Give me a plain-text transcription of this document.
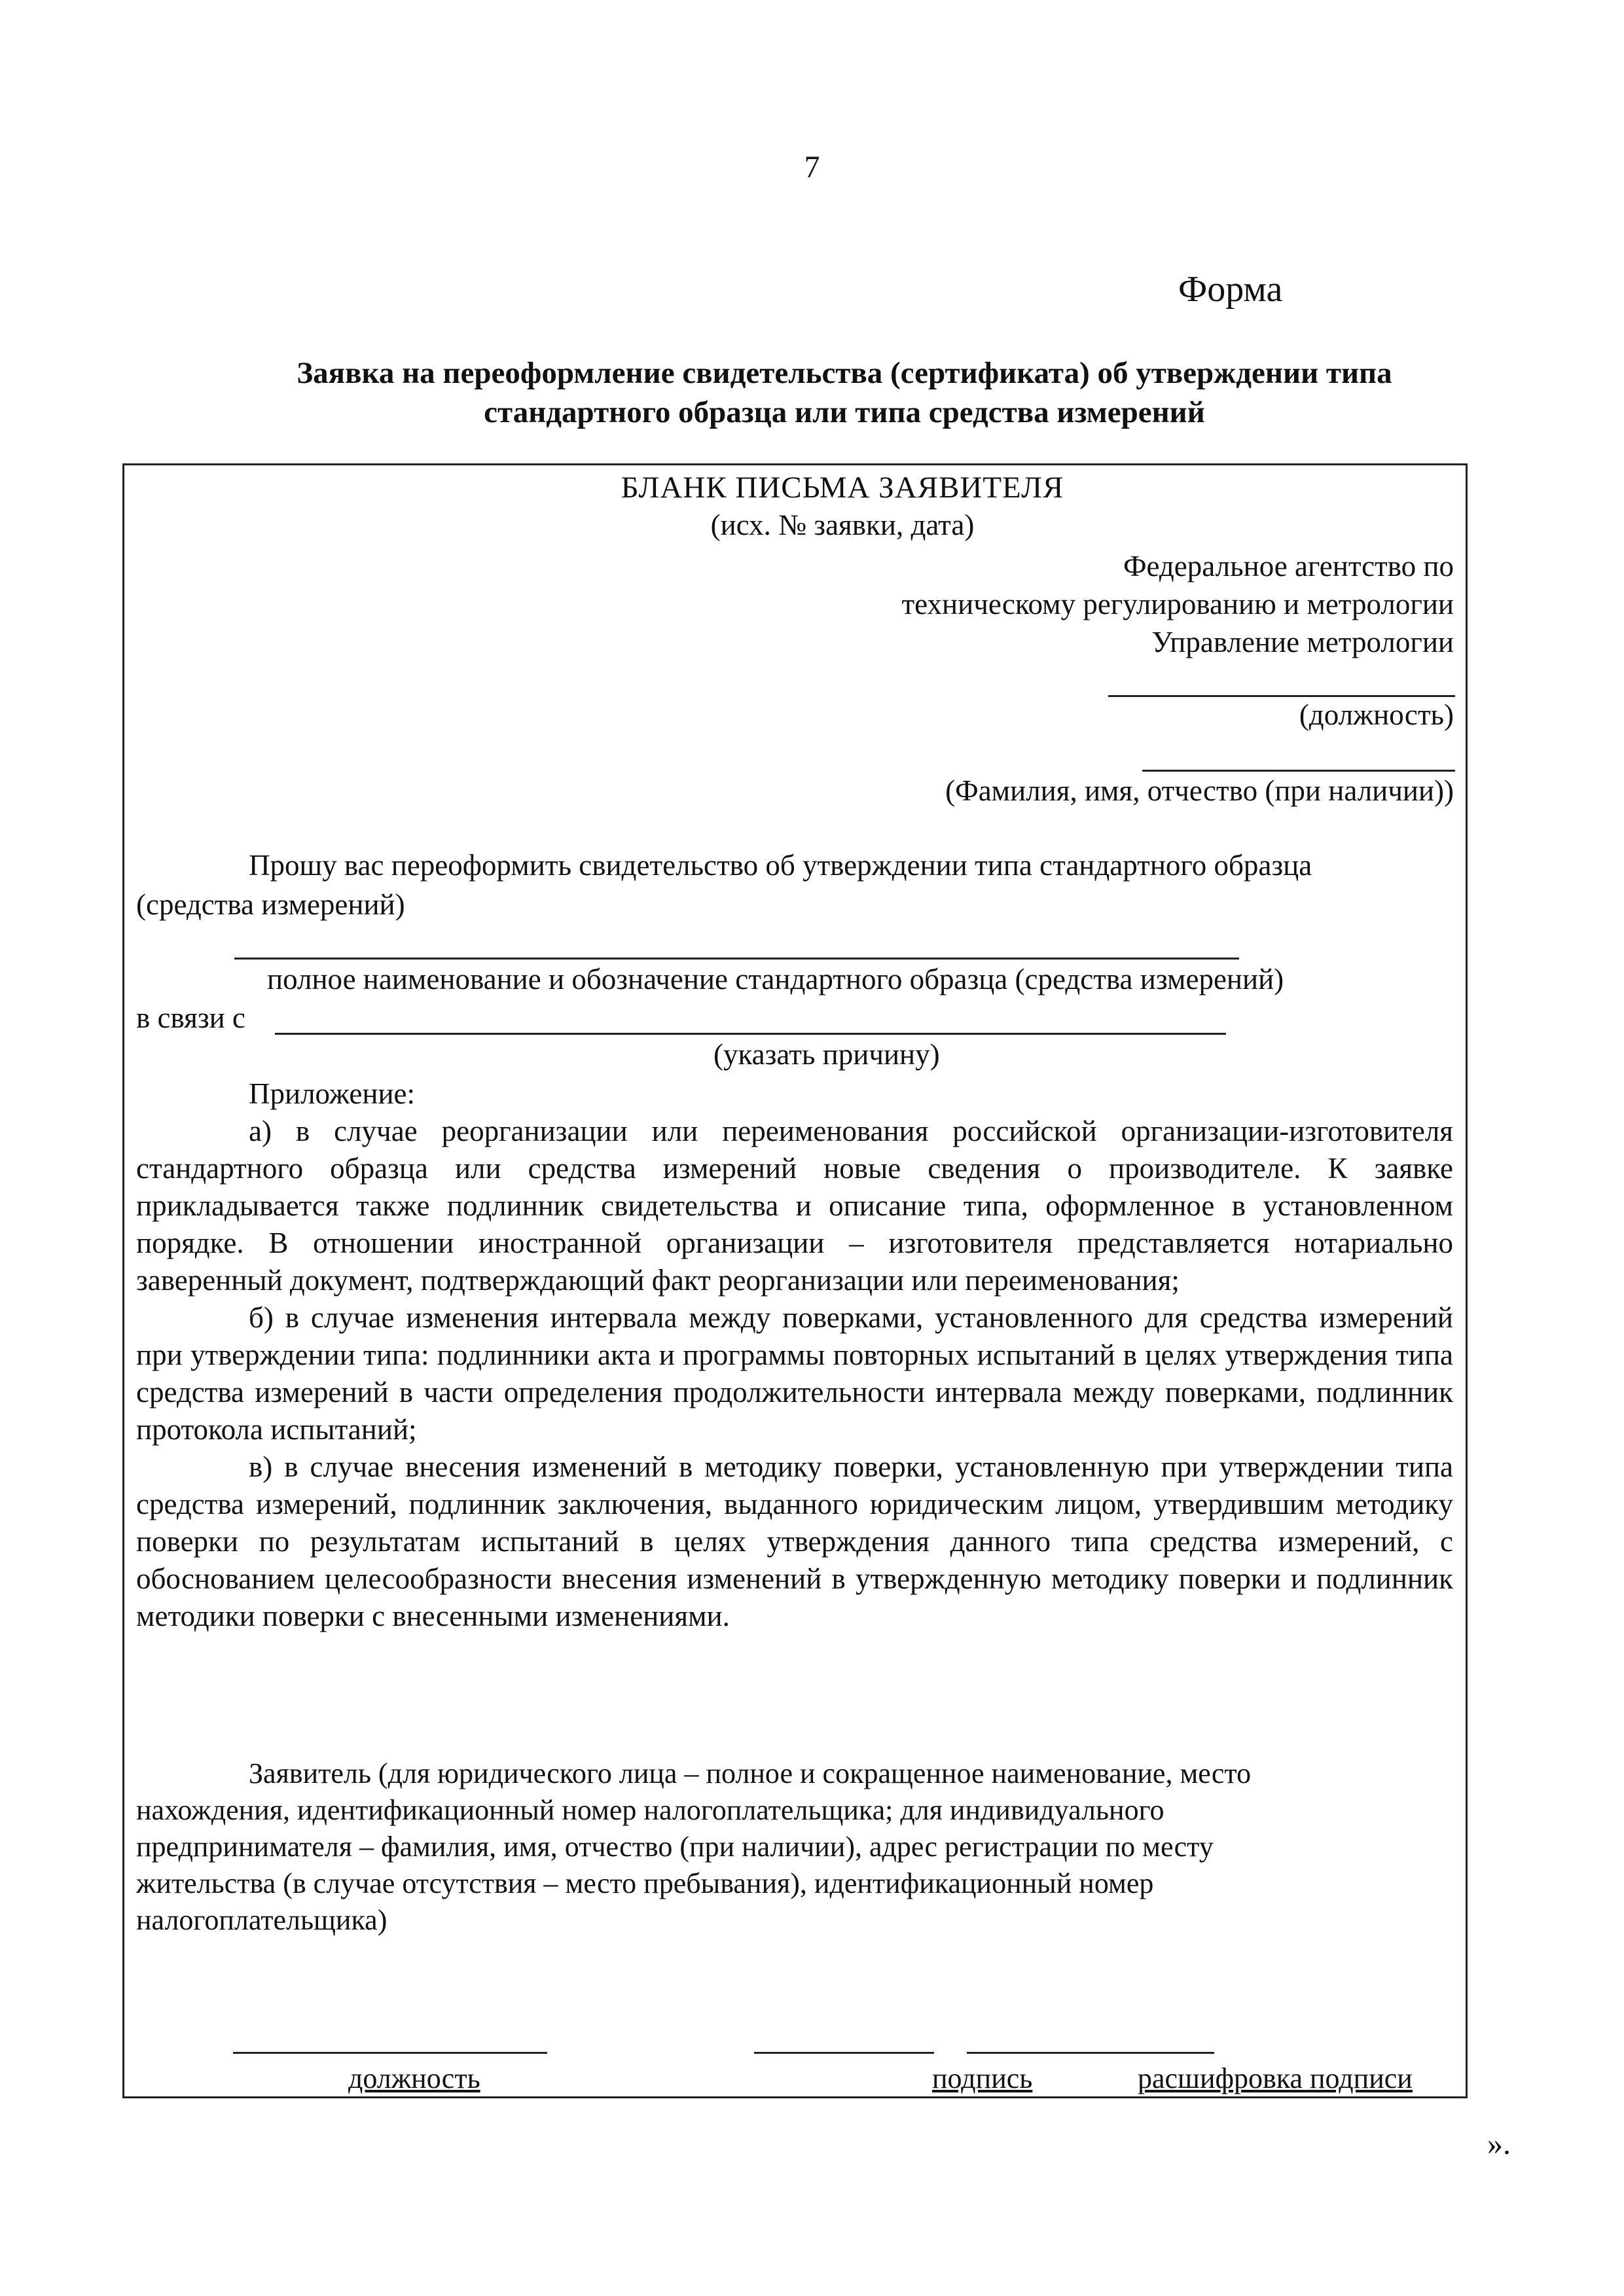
7
Форма
Заявка на переоформление свидетельства (сертификата) об утверждении типа
стандартного образца или типа средства измерений
БЛАНК ПИСЬМА ЗАЯВИТЕЛЯ
(исх. № заявки, дата)
Федеральное агентство по
техническому регулированию и метрологии
Управление метрологии
(должность)
(Фамилия, имя, отчество (при наличии))
Прошу вас переоформить свидетельство об утверждении типа стандартного образца
(средства измерений)
полное наименование и обозначение стандартного образца (средства измерений)
в связи с
(указать причину)
Приложение:

а) в случае реорганизации или переименования российской организации-изготовителя стандартного образца или средства измерений новые сведения о производителе. К заявке прикладывается также подлинник свидетельства и описание типа, оформленное в установленном порядке. В отношении иностранной организации – изготовителя представляется нотариально заверенный документ, подтверждающий факт реорганизации или переименования;

б) в случае изменения интервала между поверками, установленного для средства измерений при утверждении типа: подлинники акта и программы повторных испытаний в целях утверждения типа средства измерений в части определения продолжительности интервала между поверками, подлинник протокола испытаний;

в) в случае внесения изменений в методику поверки, установленную при утверждении типа средства измерений, подлинник заключения, выданного юридическим лицом, утвердившим методику поверки по результатам испытаний в целях утверждения данного типа средства измерений, с обоснованием целесообразности внесения изменений в утвержденную методику поверки и подлинник методики поверки с внесенными изменениями.

Заявитель (для юридического лица – полное и сокращенное наименование, место
нахождения, идентификационный номер налогоплательщика; для индивидуального
предпринимателя – фамилия, имя, отчество (при наличии), адрес регистрации по месту
жительства (в случае отсутствия – место пребывания), идентификационный номер
налогоплательщика)
должность	подпись	расшифровка подписи
».
